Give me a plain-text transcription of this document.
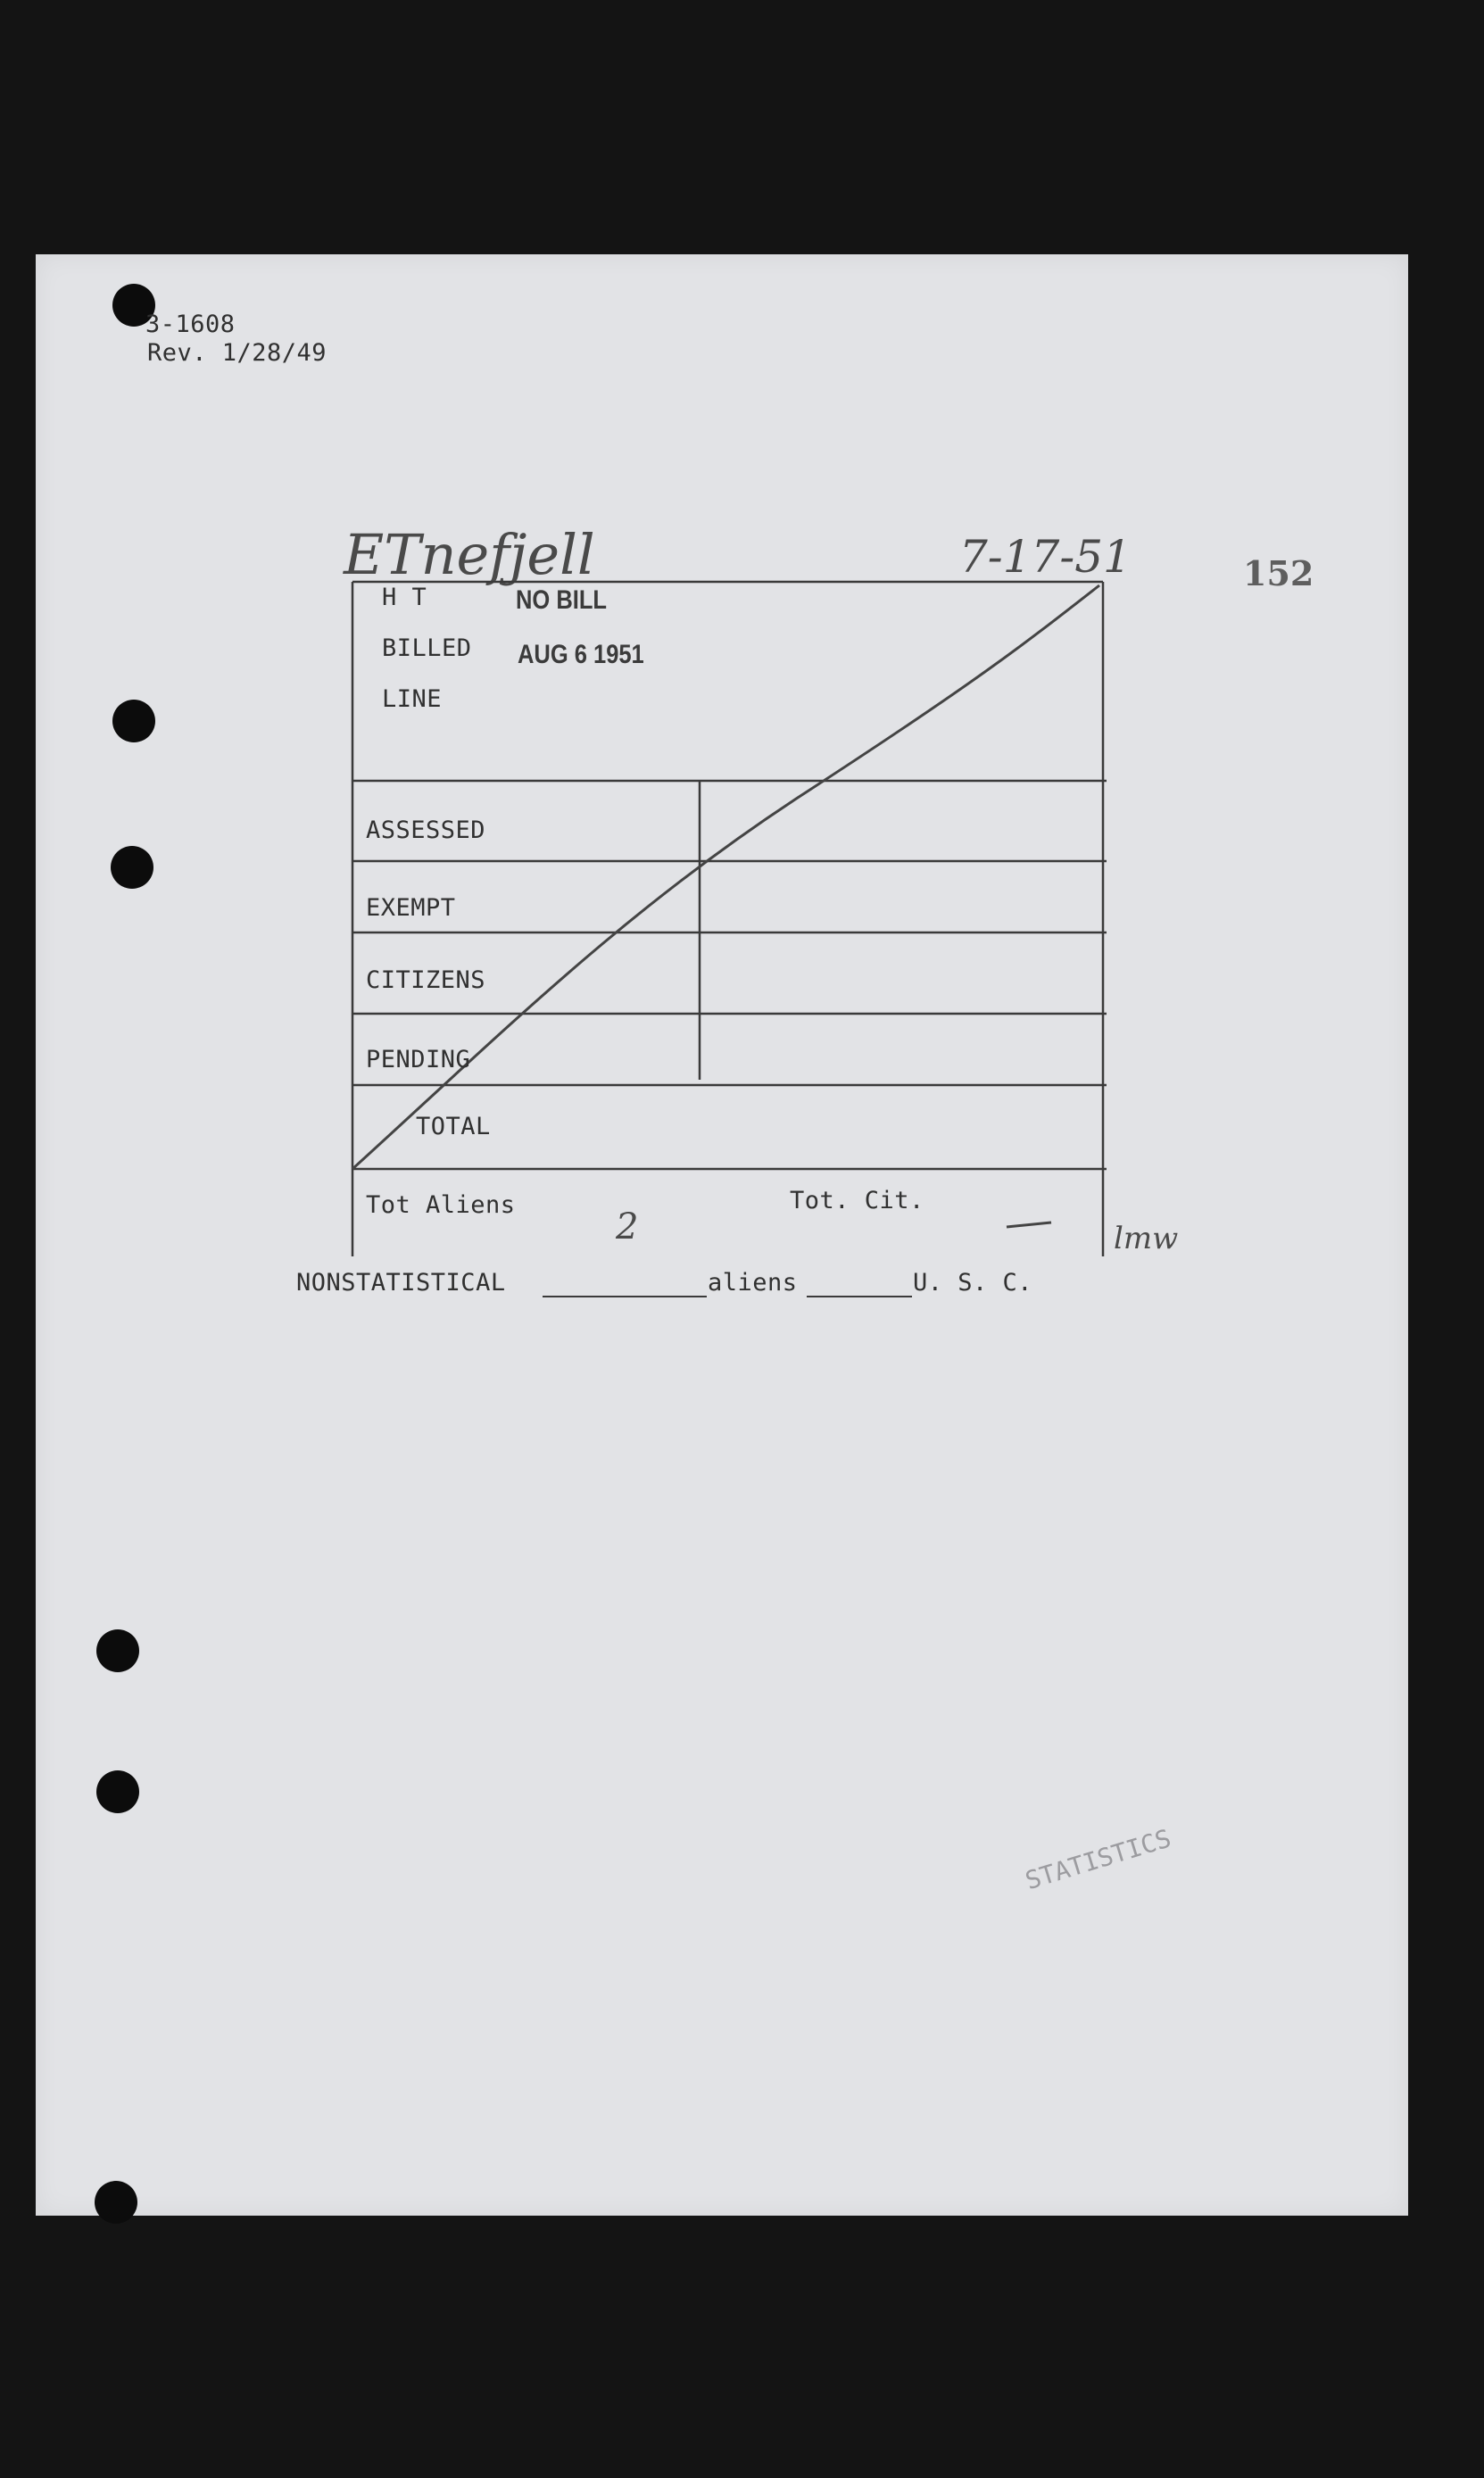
3-1608
Rev. 1/28/49
ETnefjell	7-17-51	152
H T
BILLED
LINE
NO BILL
AUG 6 1951
ASSESSED
EXEMPT
CITIZENS
PENDING
TOTAL
Tot Aliens	Tot. Cit.
2	lmw
NONSTATISTICAL	aliens	U. S. C.
STATISTICS
